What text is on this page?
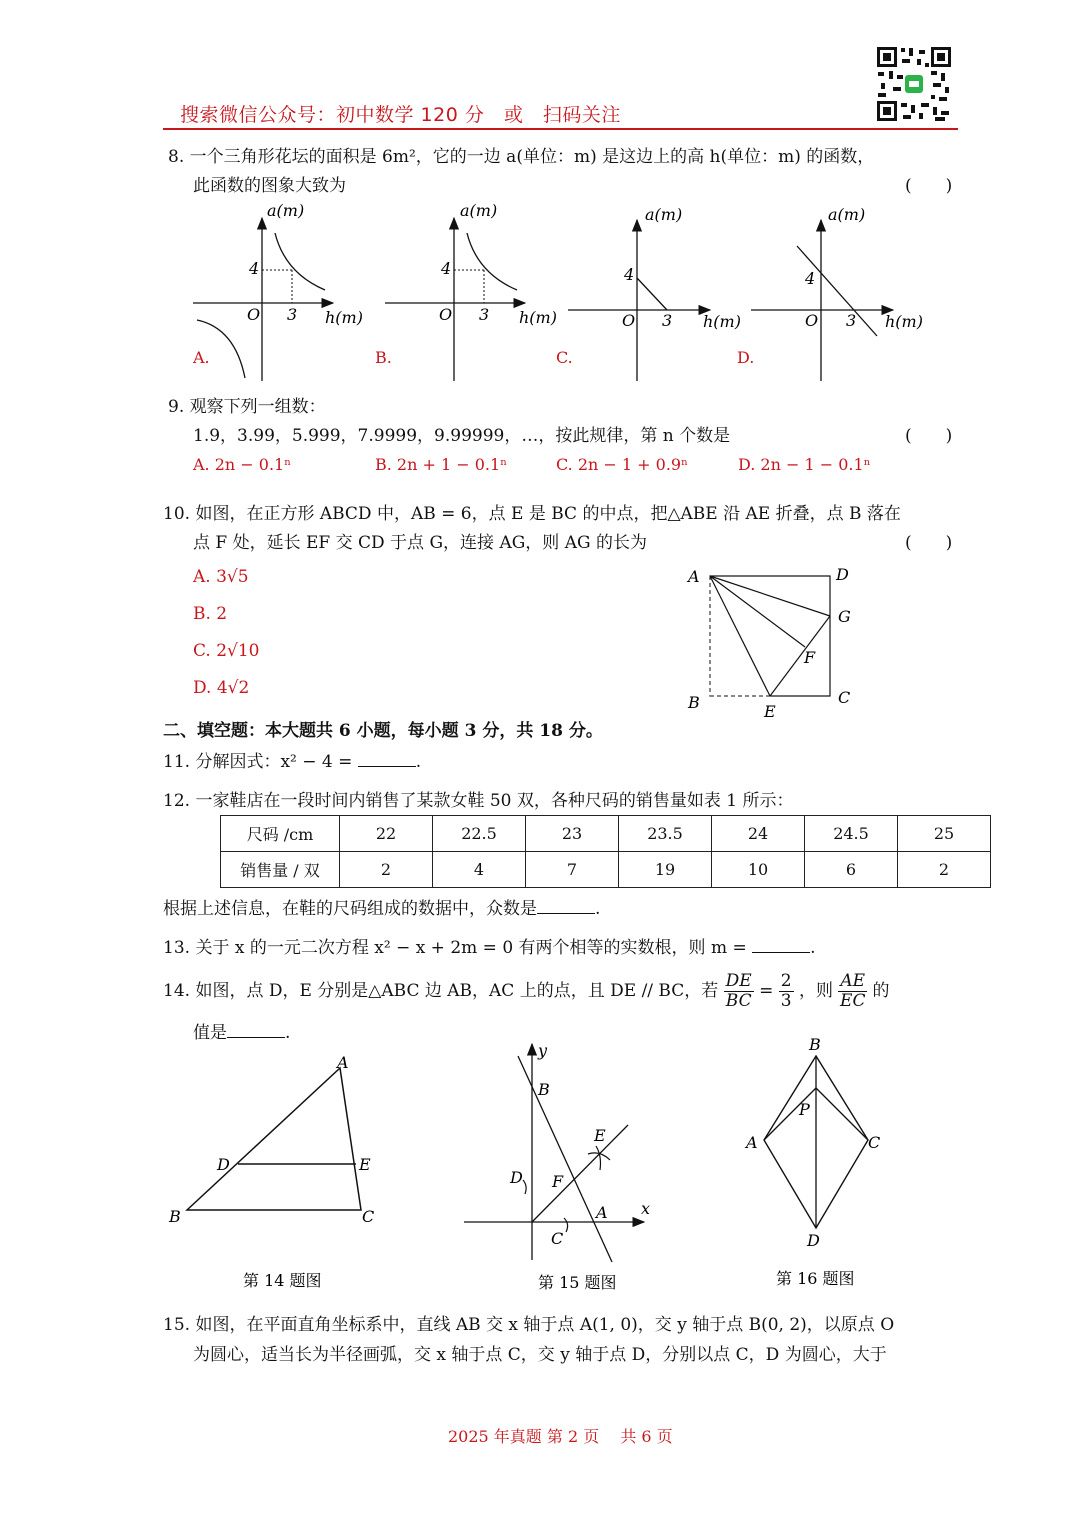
搜索微信公众号：初中数学 120 分　或　扫码关注
8. 一个三角形花坛的面积是 6m²，它的一边 a(单位：m) 是这边上的高 h(单位：m) 的函数，
此函数的图象大致为	(　　)
a(m)
h(m)
O
4
3
A.
a(m)
h(m)
O
4
3
B.
a(m)
h(m)
O
4
3
C.
a(m)
h(m)
O
4
3
D.
9. 观察下列一组数：
1.9，3.99，5.999，7.9999，9.99999，…，按此规律，第 n 个数是	(　　)
A. 2n − 0.1ⁿ	B. 2n + 1 − 0.1ⁿ	C. 2n − 1 + 0.9ⁿ	D. 2n − 1 − 0.1ⁿ
10. 如图，在正方形 ABCD 中，AB = 6，点 E 是 BC 的中点，把△ABE 沿 AE 折叠，点 B 落在
点 F 处，延长 EF 交 CD 于点 G，连接 AG，则 AG 的长为	(　　)
A. 3√5
B. 2
C. 2√10
D. 4√2
A	D
G
F
B	E
C
二、填空题：本大题共 6 小题，每小题 3 分，共 18 分。
11. 分解因式：x² − 4 =	.
12. 一家鞋店在一段时间内销售了某款女鞋 50 双，各种尺码的销售量如表 1 所示：
尺码 /cm	22	22.5	23	23.5	24	24.5	25
销售量 / 双	2	4	7	19	10	6	2
根据上述信息，在鞋的尺码组成的数据中，众数是	.
13. 关于 x 的一元二次方程 x² − x + 2m = 0 有两个相等的实数根，则 m =	.
14. 如图，点 D，E 分别是△ABC 边 AB，AC 上的点，且 DE // BC，若 $\frac{DE}{BC} = \frac{2}{3}$ ，则 $\frac{AE}{EC}$ 的
值是	.
A
D	E
B	C
第 14 题图
y
B
E
D F
A x
C
第 15 题图
B
P
A	C
D
第 16 题图
15. 如图，在平面直角坐标系中，直线 AB 交 x 轴于点 A(1, 0)，交 y 轴于点 B(0, 2)，以原点 O
为圆心，适当长为半径画弧，交 x 轴于点 C，交 y 轴于点 D，分别以点 C，D 为圆心，大于
2025 年真题 第 2 页　 共 6 页
